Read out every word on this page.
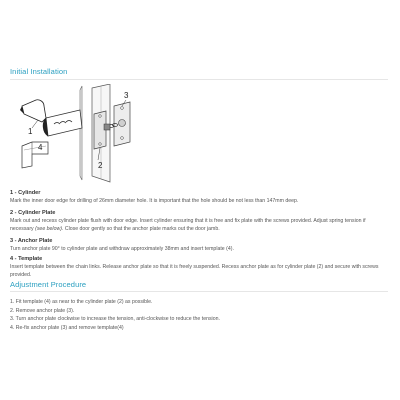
Initial Installation
1
2
3
4
1 - Cylinder
Mark the inner door edge for drilling of 26mm diameter hole. It is important that the hole should be not less than 147mm deep.
2 - Cylinder Plate
Mark out and recess cylinder plate flush with door edge. Insert cylinder ensuring that it is free and fix plate with the screws provided. Adjust spring tension if necessary (see below). Close door gently so that the anchor plate marks out the door jamb.
3 - Anchor Plate
Turn anchor plate 90° to cylinder plate and withdraw approximately 38mm and insert template (4).
4 - Template
Insert template between the chain links. Release anchor plate so that it is freely suspended. Recess anchor plate as for cylinder plate (2) and secure with screws provided.
Adjustment Procedure
1. Fit template (4) as near to the cylinder plate (2) as possible.
2. Remove anchor plate (3).
3. Turn anchor plate clockwise to increase the tension, anti-clockwise to reduce the tension.
4. Re-fix anchor plate (3) and remove template(4)
